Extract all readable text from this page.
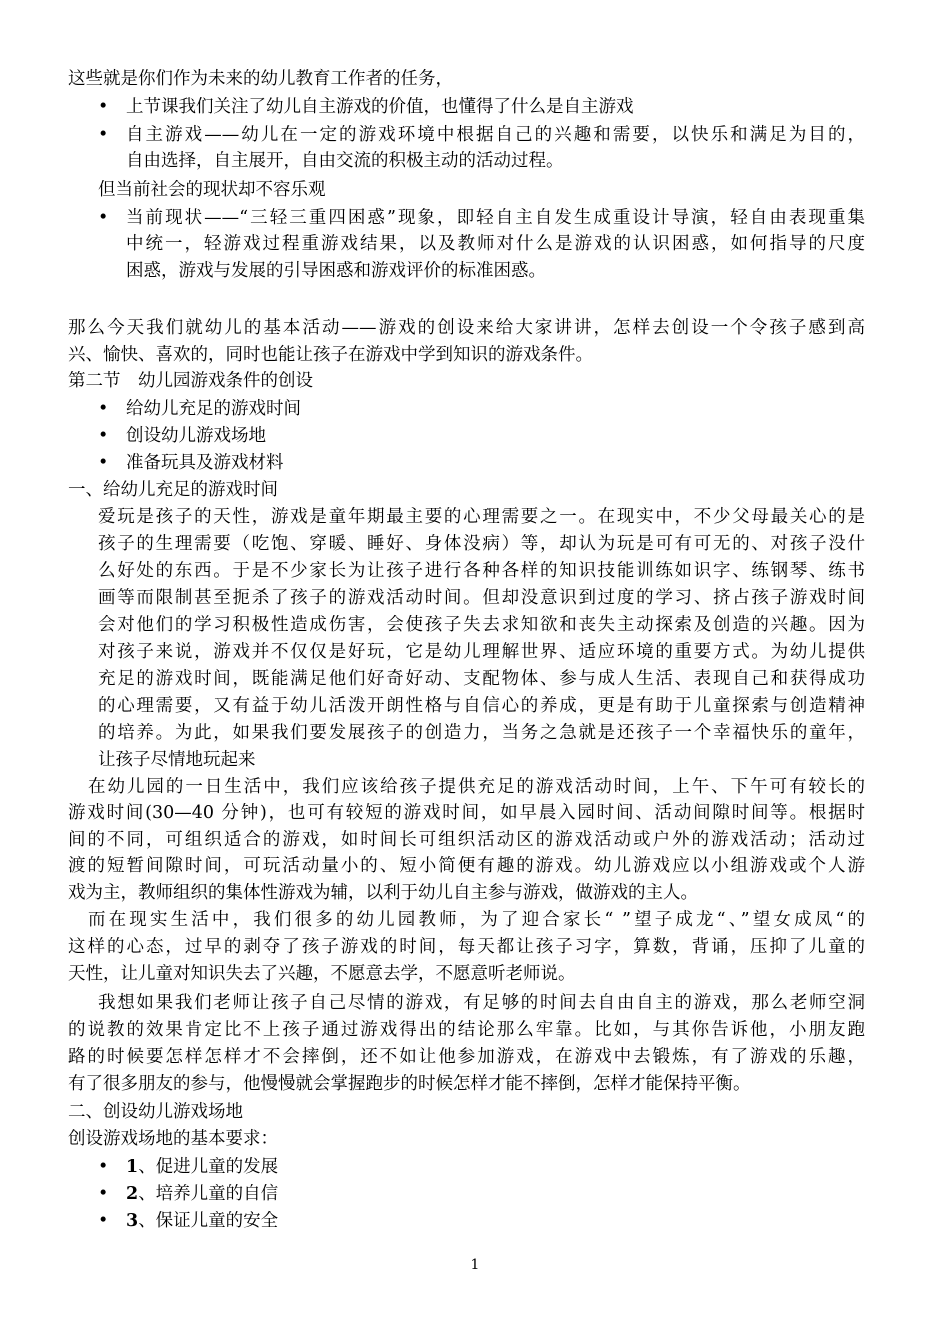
这些就是你们作为未来的幼儿教育工作者的任务，
• 上节课我们关注了幼儿自主游戏的价值，也懂得了什么是自主游戏
• 自主游戏——幼儿在一定的游戏环境中根据自己的兴趣和需要，以快乐和满足为目的，
自由选择，自主展开，自由交流的积极主动的活动过程。
但当前社会的现状却不容乐观
• 当前现状——“三轻三重四困惑”现象，即轻自主自发生成重设计导演，轻自由表现重集
中统一，轻游戏过程重游戏结果，以及教师对什么是游戏的认识困惑，如何指导的尺度
困惑，游戏与发展的引导困惑和游戏评价的标准困惑。
那么今天我们就幼儿的基本活动——游戏的创设来给大家讲讲，怎样去创设一个令孩子感到高
兴、愉快、喜欢的，同时也能让孩子在游戏中学到知识的游戏条件。
第二节　幼儿园游戏条件的创设
• 给幼儿充足的游戏时间
• 创设幼儿游戏场地
• 准备玩具及游戏材料
一、给幼儿充足的游戏时间
爱玩是孩子的天性，游戏是童年期最主要的心理需要之一。在现实中，不少父母最关心的是
孩子的生理需要（吃饱、穿暖、睡好、身体没病）等，却认为玩是可有可无的、对孩子没什
么好处的东西。于是不少家长为让孩子进行各种各样的知识技能训练如识字、练钢琴、练书
画等而限制甚至扼杀了孩子的游戏活动时间。但却没意识到过度的学习、挤占孩子游戏时间
会对他们的学习积极性造成伤害，会使孩子失去求知欲和丧失主动探索及创造的兴趣。因为
对孩子来说，游戏并不仅仅是好玩，它是幼儿理解世界、适应环境的重要方式。为幼儿提供
充足的游戏时间，既能满足他们好奇好动、支配物体、参与成人生活、表现自己和获得成功
的心理需要，又有益于幼儿活泼开朗性格与自信心的养成，更是有助于儿童探索与创造精神
的培养。为此，如果我们要发展孩子的创造力，当务之急就是还孩子一个幸福快乐的童年，
让孩子尽情地玩起来
在幼儿园的一日生活中，我们应该给孩子提供充足的游戏活动时间，上午、下午可有较长的
游戏时间(30—40 分钟)，也可有较短的游戏时间，如早晨入园时间、活动间隙时间等。根据时
间的不同，可组织适合的游戏，如时间长可组织活动区的游戏活动或户外的游戏活动；活动过
渡的短暂间隙时间，可玩活动量小的、短小简便有趣的游戏。幼儿游戏应以小组游戏或个人游
戏为主，教师组织的集体性游戏为辅，以利于幼儿自主参与游戏，做游戏的主人。
而在现实生活中，我们很多的幼儿园教师，为了迎合家长“ ”望子成龙“、”望女成凤“的
这样的心态，过早的剥夺了孩子游戏的时间，每天都让孩子习字，算数，背诵，压抑了儿童的
天性，让儿童对知识失去了兴趣，不愿意去学，不愿意听老师说。
我想如果我们老师让孩子自己尽情的游戏，有足够的时间去自由自主的游戏，那么老师空洞
的说教的效果肯定比不上孩子通过游戏得出的结论那么牢靠。比如，与其你告诉他，小朋友跑
路的时候要怎样怎样才不会摔倒，还不如让他参加游戏，在游戏中去锻炼，有了游戏的乐趣，
有了很多朋友的参与，他慢慢就会掌握跑步的时候怎样才能不摔倒，怎样才能保持平衡。
二、创设幼儿游戏场地
创设游戏场地的基本要求：
• 1、促进儿童的发展
• 2、培养儿童的自信
• 3、保证儿童的安全
1
